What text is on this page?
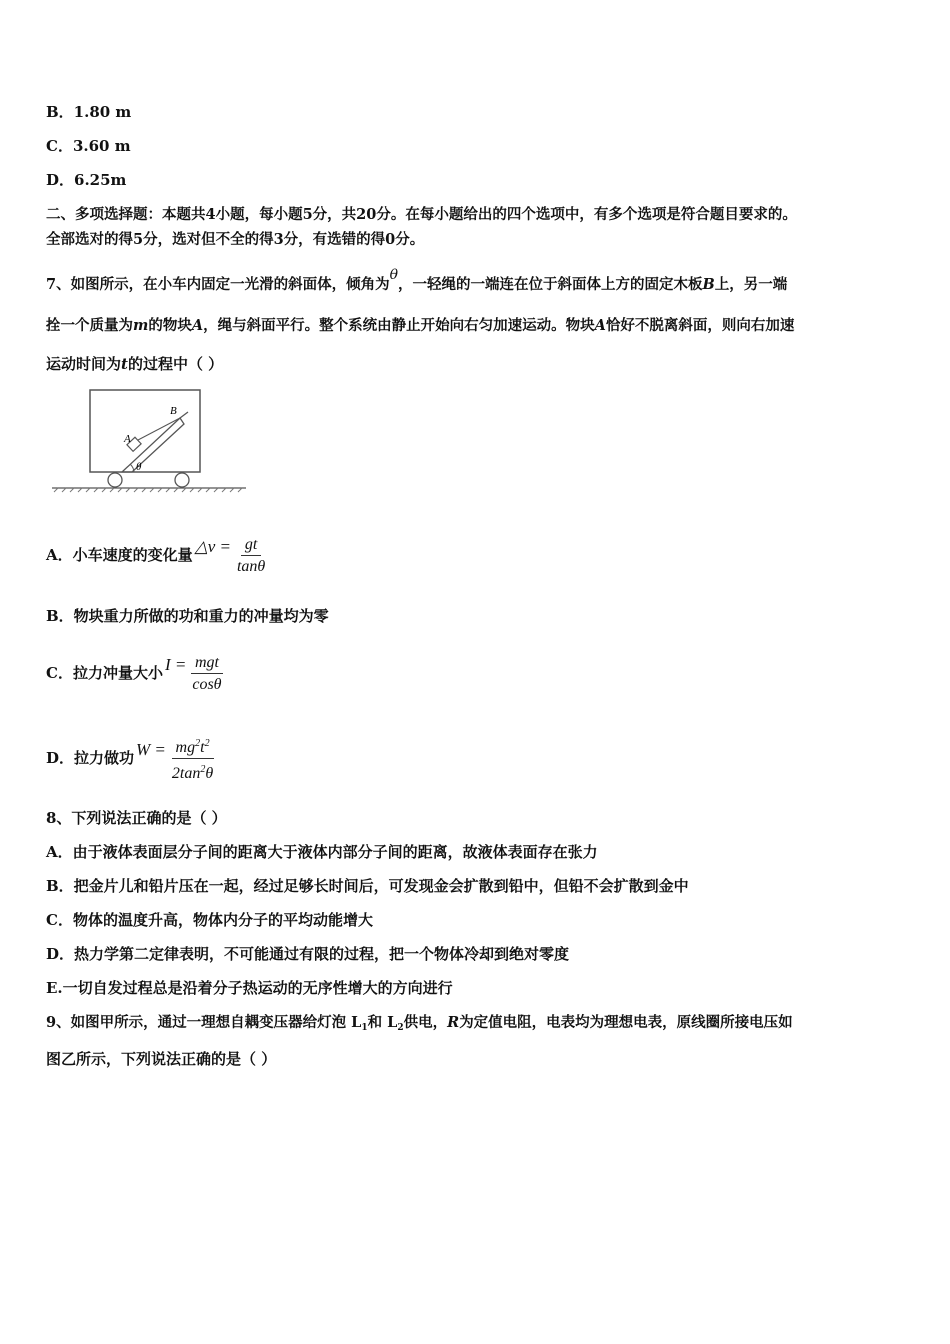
B．1.80 m
C．3.60 m
D．6.25m
二、多项选择题：本题共4小题，每小题5分，共20分。在每小题给出的四个选项中，有多个选项是符合题目要求的。
全部选对的得5分，选对但不全的得3分，有选错的得0分。
7、如图所示，在小车内固定一光滑的斜面体，倾角为θ，一轻绳的一端连在位于斜面体上方的固定木板B上，另一端
拴一个质量为m的物块A，绳与斜面平行。整个系统由静止开始向右匀加速运动。物块A恰好不脱离斜面，则向右加速
运动时间为t的过程中（ ）
A
B
θ
A．小车速度的变化量 △v = $\frac{gt}{\tan\theta}$
B．物块重力所做的功和重力的冲量均为零
C．拉力冲量大小 $I = \frac{\text{mgt}}{\cos\theta}$
D．拉力做功 $W = \frac{mg^2t^2}{2\tan^2\theta}$
8、下列说法正确的是（ ）
A．由于液体表面层分子间的距离大于液体内部分子间的距离，故液体表面存在张力
B．把金片儿和铅片压在一起，经过足够长时间后，可发现金会扩散到铅中，但铅不会扩散到金中
C．物体的温度升高，物体内分子的平均动能增大
D．热力学第二定律表明，不可能通过有限的过程，把一个物体冷却到绝对零度
E.一切自发过程总是沿着分子热运动的无序性增大的方向进行
9、如图甲所示，通过一理想自耦变压器给灯泡 $L_1$和 $L_2$供电，R为定值电阻，电表均为理想电表，原线圈所接电压如
图乙所示，下列说法正确的是（ ）
